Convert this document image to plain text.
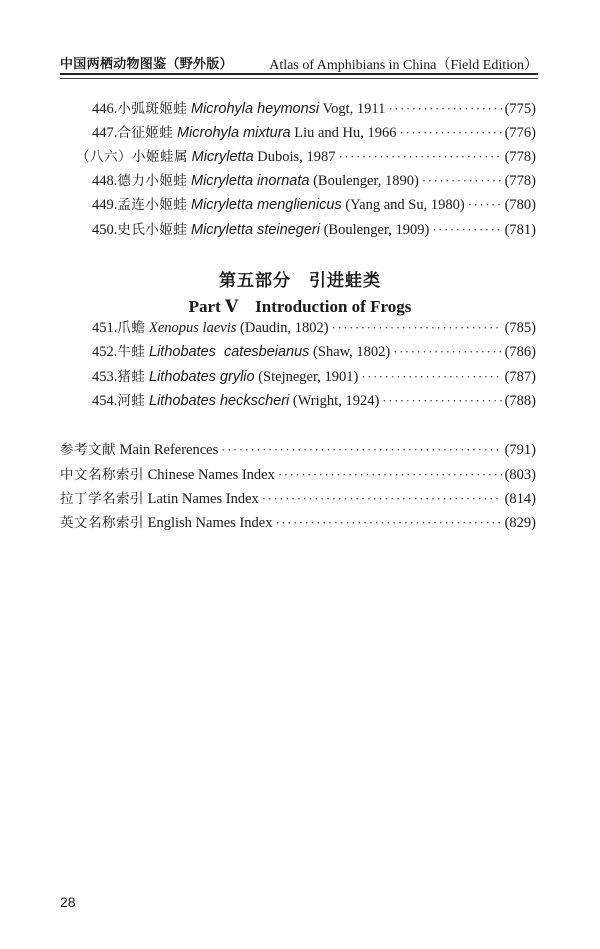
中国两栖动物图鉴（野外版）	Atlas of Amphibians in China（Field Edition）
446.小弧斑姬蛙 Microhyla heymonsi Vogt, 1911 ·····	(775)
447.合征姬蛙 Microhyla mixtura Liu and Hu, 1966 ·····	(776)
（八六）小姬蛙属 Micryletta Dubois, 1987 ·····	(778)
448.德力小姬蛙 Micryletta inornata (Boulenger, 1890) ·····	(778)
449.孟连小姬蛙 Micryletta menglienicus (Yang and Su, 1980) ·····	(780)
450.史氏小姬蛙 Micryletta steinegeri (Boulenger, 1909) ·····	(781)
第五部分　引进蛙类
Part Ⅴ　Introduction of Frogs
451.爪蟾 Xenopus laevis (Daudin, 1802) ·····	(785)
452.牛蛙 Lithobates  catesbeianus (Shaw, 1802) ·····	(786)
453.猪蛙 Lithobates grylio (Stejneger, 1901) ·····	(787)
454.河蛙 Lithobates heckscheri (Wright, 1924) ·····	(788)
参考文献 Main References ·····	(791)
中文名称索引 Chinese Names Index ·····	(803)
拉丁学名索引 Latin Names Index ·····	(814)
英文名称索引 English Names Index ·····	(829)
28
